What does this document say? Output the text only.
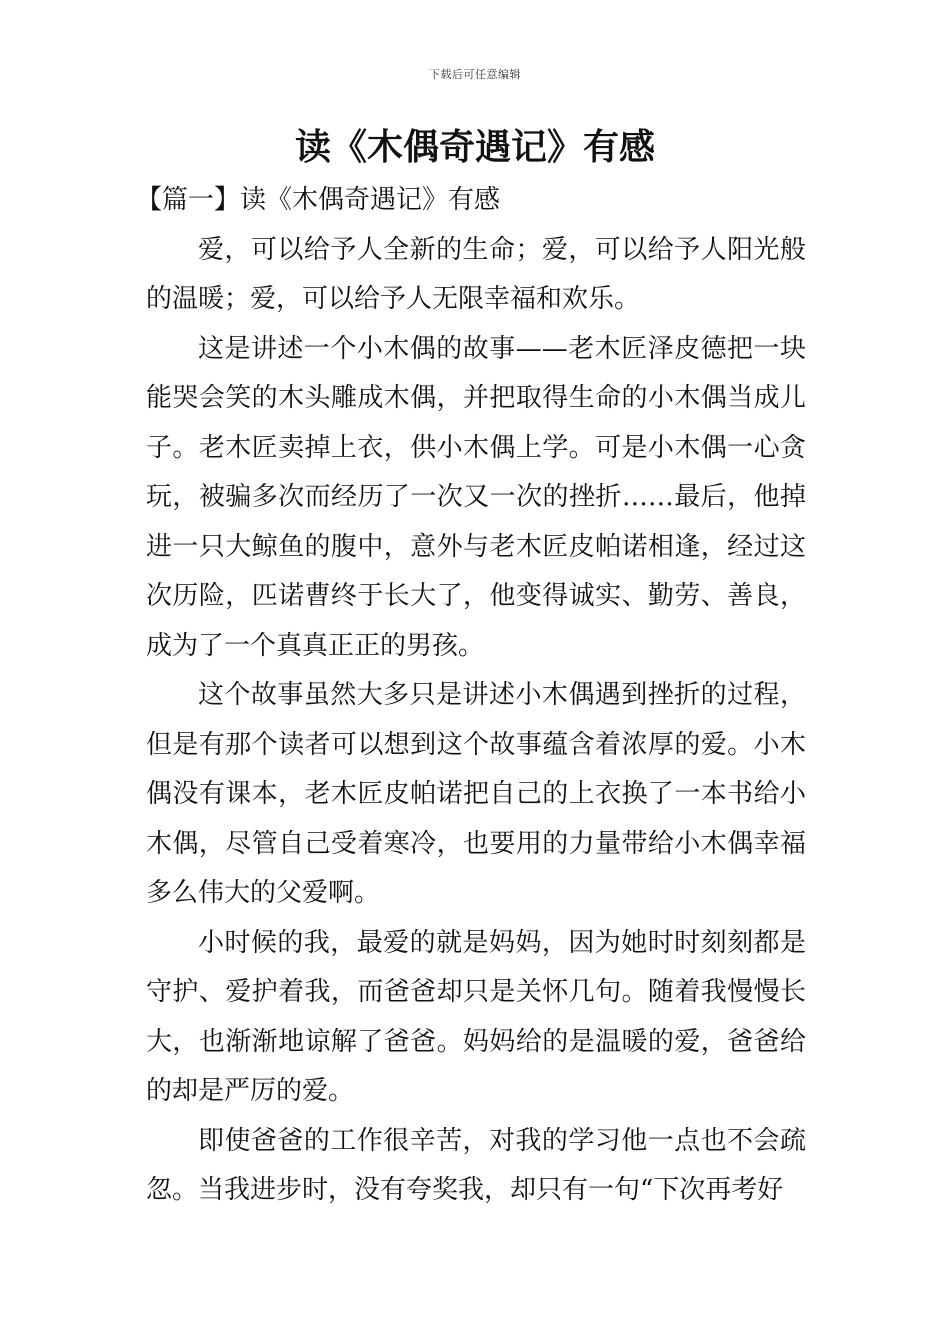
下载后可任意编辑
读《木偶奇遇记》有感
【篇一】读《木偶奇遇记》有感

爱，可以给予人全新的生命；爱，可以给予人阳光般的温暖；爱，可以给予人无限幸福和欢乐。

这是讲述一个小木偶的故事——老木匠泽皮德把一块能哭会笑的木头雕成木偶，并把取得生命的小木偶当成儿子。老木匠卖掉上衣，供小木偶上学。可是小木偶一心贪玩，被骗多次而经历了一次又一次的挫折……最后，他掉进一只大鲸鱼的腹中，意外与老木匠皮帕诺相逢，经过这次历险，匹诺曹终于长大了，他变得诚实、勤劳、善良，成为了一个真真正正的男孩。

这个故事虽然大多只是讲述小木偶遇到挫折的过程，但是有那个读者可以想到这个故事蕴含着浓厚的爱。小木偶没有课本，老木匠皮帕诺把自己的上衣换了一本书给小木偶，尽管自己受着寒冷，也要用的力量带给小木偶幸福多么伟大的父爱啊。

小时候的我，最爱的就是妈妈，因为她时时刻刻都是守护、爱护着我，而爸爸却只是关怀几句。随着我慢慢长大，也渐渐地谅解了爸爸。妈妈给的是温暖的爱，爸爸给的却是严厉的爱。

即使爸爸的工作很辛苦，对我的学习他一点也不会疏忽。当我进步时，没有夸奖我，却只有一句“下次再考好
